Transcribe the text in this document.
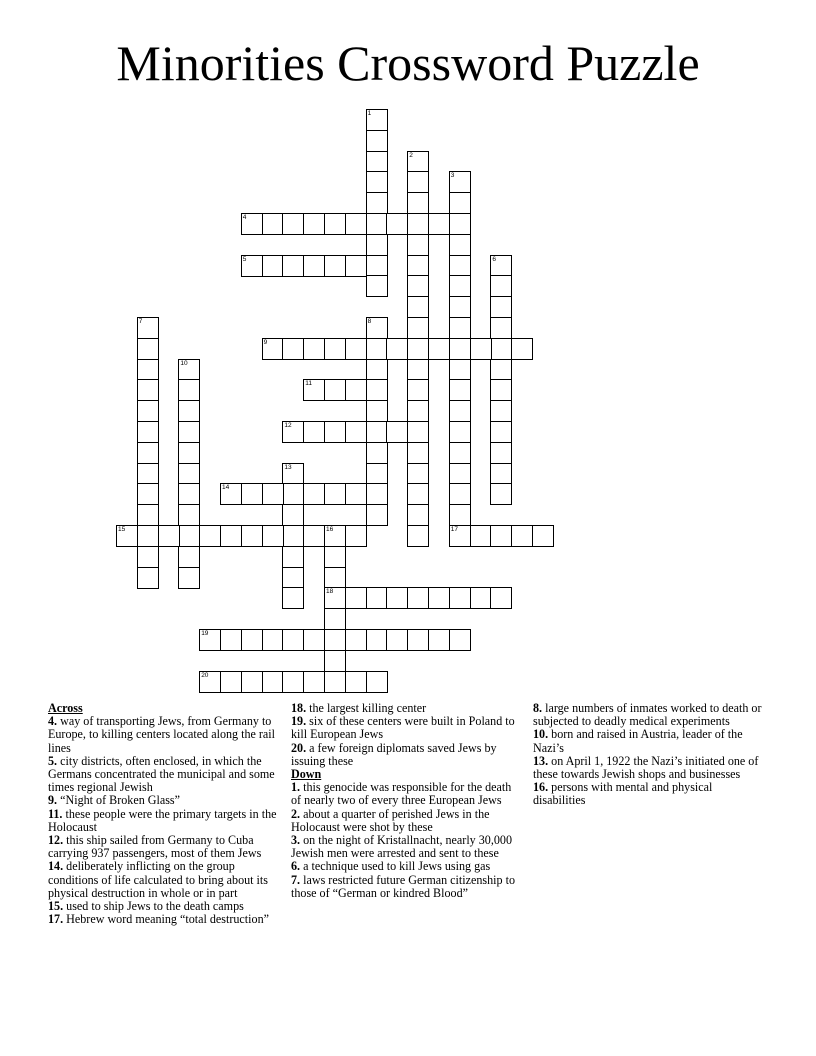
Minorities Crossword Puzzle
1
2
3
4
5	6
7	8
9
10
11
12
13
14
15	16
18
17
19
20
Across
4. way of transporting Jews, from Germany to Europe, to killing centers located along the rail lines
5. city districts, often enclosed, in which the Germans concentrated the municipal and some times regional Jewish
9. “Night of Broken Glass”
11. these people were the primary targets in the Holocaust
12. this ship sailed from Germany to Cuba carrying 937 passengers, most of them Jews
14. deliberately inflicting on the group conditions of life calculated to bring about its physical destruction in whole or in part
15. used to ship Jews to the death camps
17. Hebrew word meaning “total destruction”
18. the largest killing center
19. six of these centers were built in Poland to kill European Jews
20. a few foreign diplomats saved Jews by issuing these
Down
1. this genocide was responsible for the death of nearly two of every three European Jews
2. about a quarter of perished Jews in the Holocaust were shot by these
3. on the night of Kristallnacht, nearly 30,000 Jewish men were arrested and sent to these
6. a technique used to kill Jews using gas
7. laws restricted future German citizenship to those of “German or kindred Blood”
8. large numbers of inmates worked to death or subjected to deadly medical experiments
10. born and raised in Austria, leader of the Nazi’s
13. on April 1, 1922 the Nazi’s initiated one of these towards Jewish shops and businesses
16. persons with mental and physical disabilities
